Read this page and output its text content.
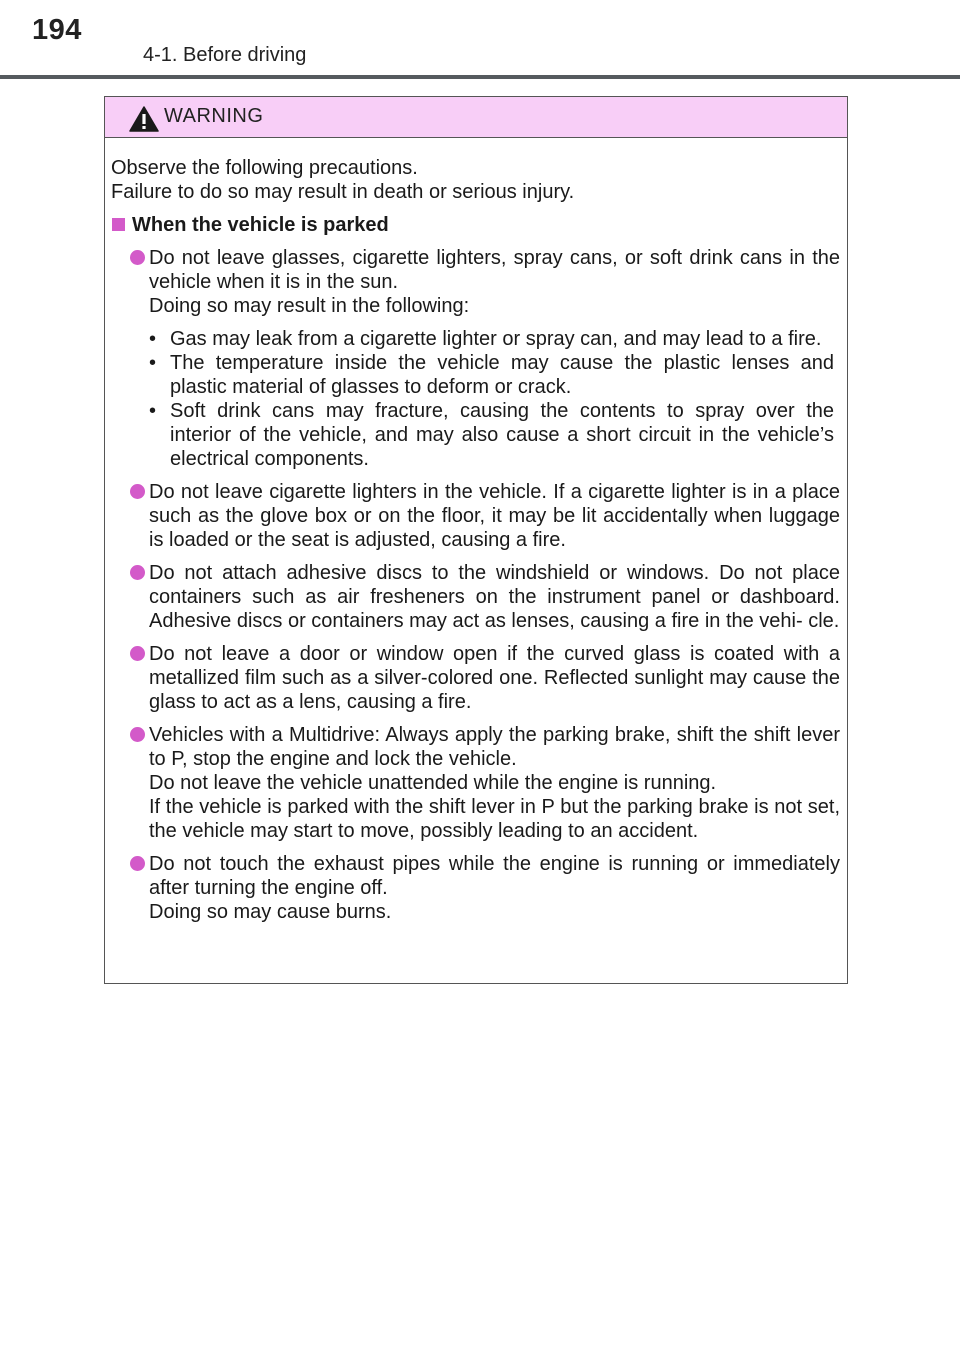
194
4-1. Before driving
WARNING

Observe the following precautions.

Failure to do so may result in death or serious injury.

When the vehicle is parked

Do not leave glasses, cigarette lighters, spray cans, or soft drink cans in the vehicle when it is in the sun.

Doing so may result in the following:

• Gas may leak from a cigarette lighter or spray can, and may lead to a fire.
• The temperature inside the vehicle may cause the plastic lenses and plastic material of glasses to deform or crack.
• Soft drink cans may fracture, causing the contents to spray over the interior of the vehicle, and may also cause a short circuit in the vehicle’s electrical components.

Do not leave cigarette lighters in the vehicle. If a cigarette lighter is in a place such as the glove box or on the floor, it may be lit accidentally when luggage is loaded or the seat is adjusted, causing a fire.

Do not attach adhesive discs to the windshield or windows. Do not place containers such as air fresheners on the instrument panel or dashboard. Adhesive discs or containers may act as lenses, causing a fire in the vehi- cle.

Do not leave a door or window open if the curved glass is coated with a metallized film such as a silver-colored one. Reflected sunlight may cause the glass to act as a lens, causing a fire.

Vehicles with a Multidrive: Always apply the parking brake, shift the shift lever to P, stop the engine and lock the vehicle.

Do not leave the vehicle unattended while the engine is running.

If the vehicle is parked with the shift lever in P but the parking brake is not set, the vehicle may start to move, possibly leading to an accident.

Do not touch the exhaust pipes while the engine is running or immediately after turning the engine off.

Doing so may cause burns.
